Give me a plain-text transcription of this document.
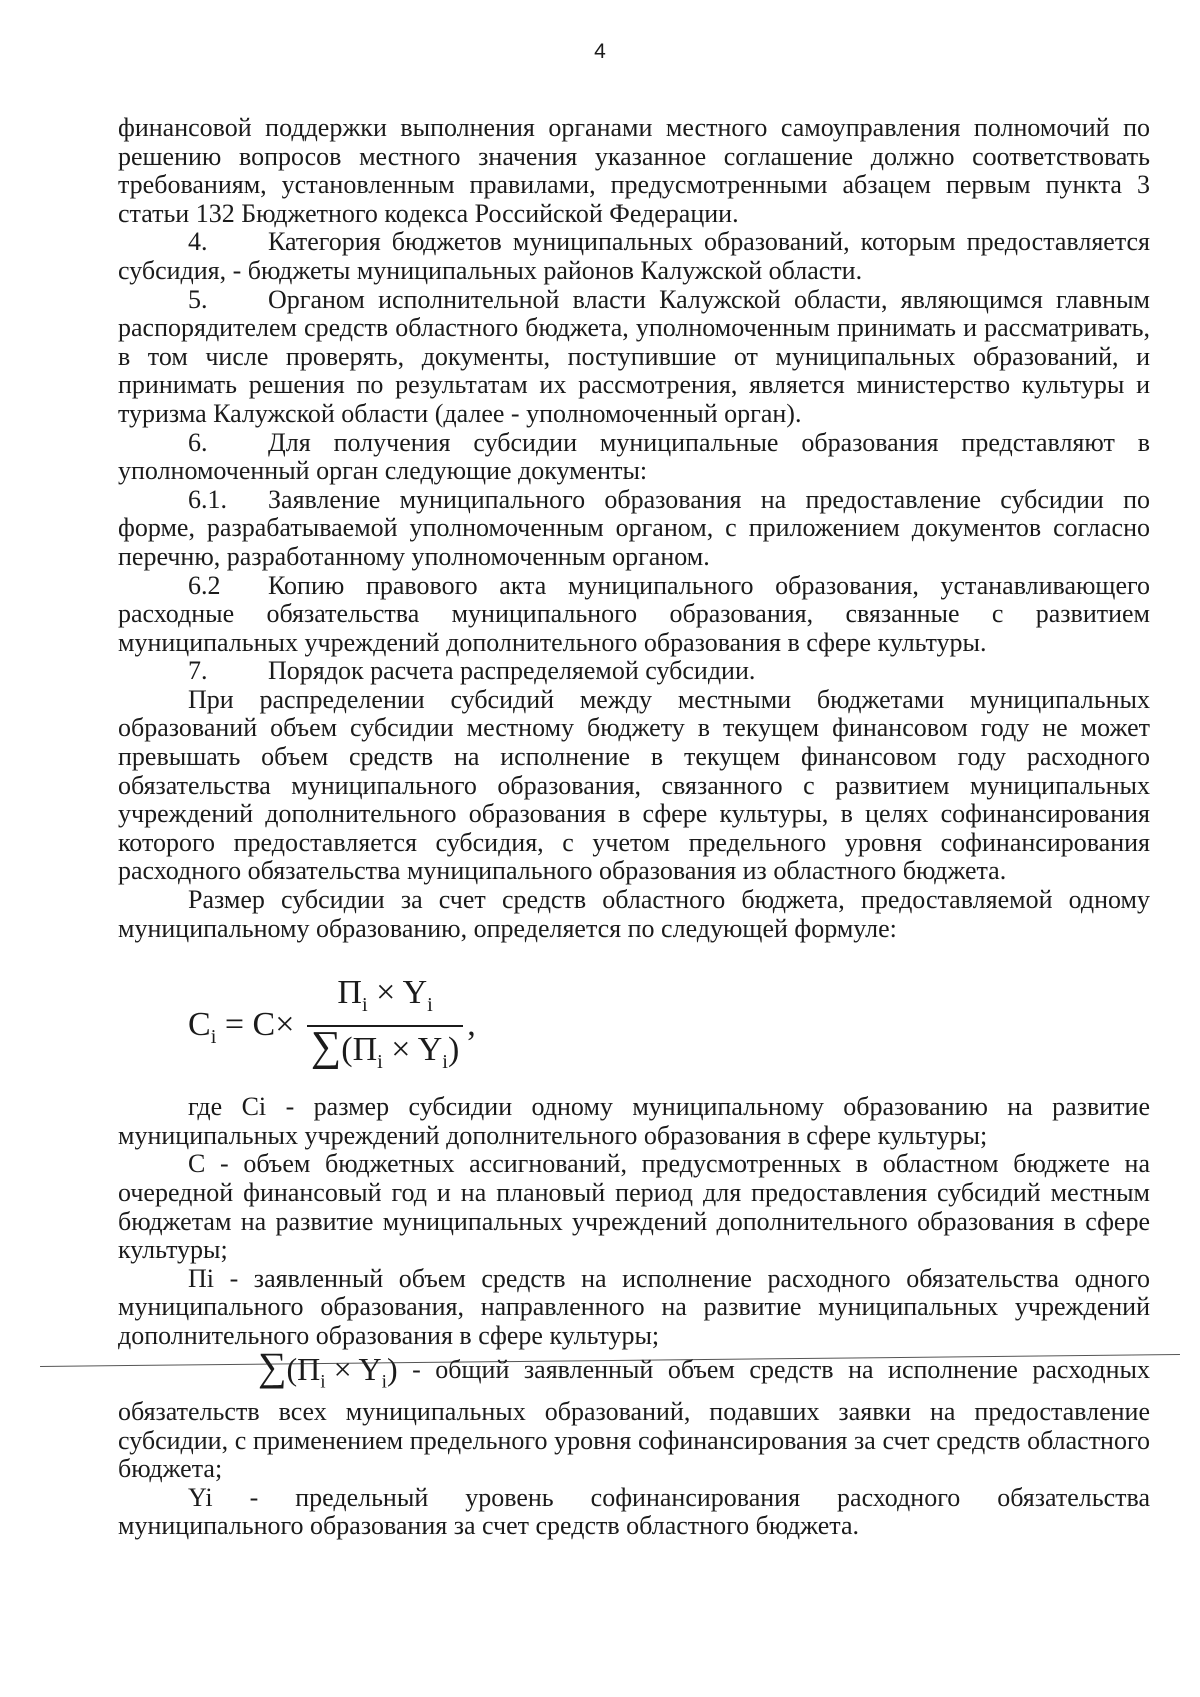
4

финансовой поддержки выполнения органами местного самоуправления полномочий по решению вопросов местного значения указанное соглашение должно соответствовать требованиям, установленным правилами, предусмотренными абзацем первым пункта 3 статьи 132 Бюджетного кодекса Российской Федерации.

4. Категория бюджетов муниципальных образований, которым предоставляется субсидия, - бюджеты муниципальных районов Калужской области.

5. Органом исполнительной власти Калужской области, являющимся главным распорядителем средств областного бюджета, уполномоченным принимать и рассматривать, в том числе проверять, документы, поступившие от муниципальных образований, и принимать решения по результатам их рассмотрения, является министерство культуры и туризма Калужской области (далее - уполномоченный орган).

6. Для получения субсидии муниципальные образования представляют в уполномоченный орган следующие документы:

6.1. Заявление муниципального образования на предоставление субсидии по форме, разрабатываемой уполномоченным органом, с приложением документов согласно перечню, разработанному уполномоченным органом.

6.2 Копию правового акта муниципального образования, устанавливающего расходные обязательства муниципального образования, связанные с развитием муниципальных учреждений дополнительного образования в сфере культуры.

7. Порядок расчета распределяемой субсидии.

При распределении субсидий между местными бюджетами муниципальных образований объем субсидии местному бюджету в текущем финансовом году не может превышать объем средств на исполнение в текущем финансовом году расходного обязательства муниципального образования, связанного с развитием муниципальных учреждений дополнительного образования в сфере культуры, в целях софинансирования которого предоставляется субсидия, с учетом предельного уровня софинансирования расходного обязательства муниципального образования из областного бюджета.

Размер субсидии за счет средств областного бюджета, предоставляемой одному муниципальному образованию, определяется по следующей формуле:

$C_i = C\times \frac{П_i \times Y_i}{\sum(П_i \times Y_i)}$ ,

где Ci - размер субсидии одному муниципальному образованию на развитие муниципальных учреждений дополнительного образования в сфере культуры;

С - объем бюджетных ассигнований, предусмотренных в областном бюджете на очередной финансовый год и на плановый период для предоставления субсидий местным бюджетам на развитие муниципальных учреждений дополнительного образования в сфере культуры;

Пi - заявленный объем средств на исполнение расходного обязательства одного муниципального образования, направленного на развитие муниципальных учреждений дополнительного образования в сфере культуры;

$\sum(П_i \times Y_i)$ - общий заявленный объем средств на исполнение расходных обязательств всех муниципальных образований, подавших заявки на предоставление субсидии, с применением предельного уровня софинансирования за счет средств областного бюджета;

Yi - предельный уровень софинансирования расходного обязательства муниципального образования за счет средств областного бюджета.
